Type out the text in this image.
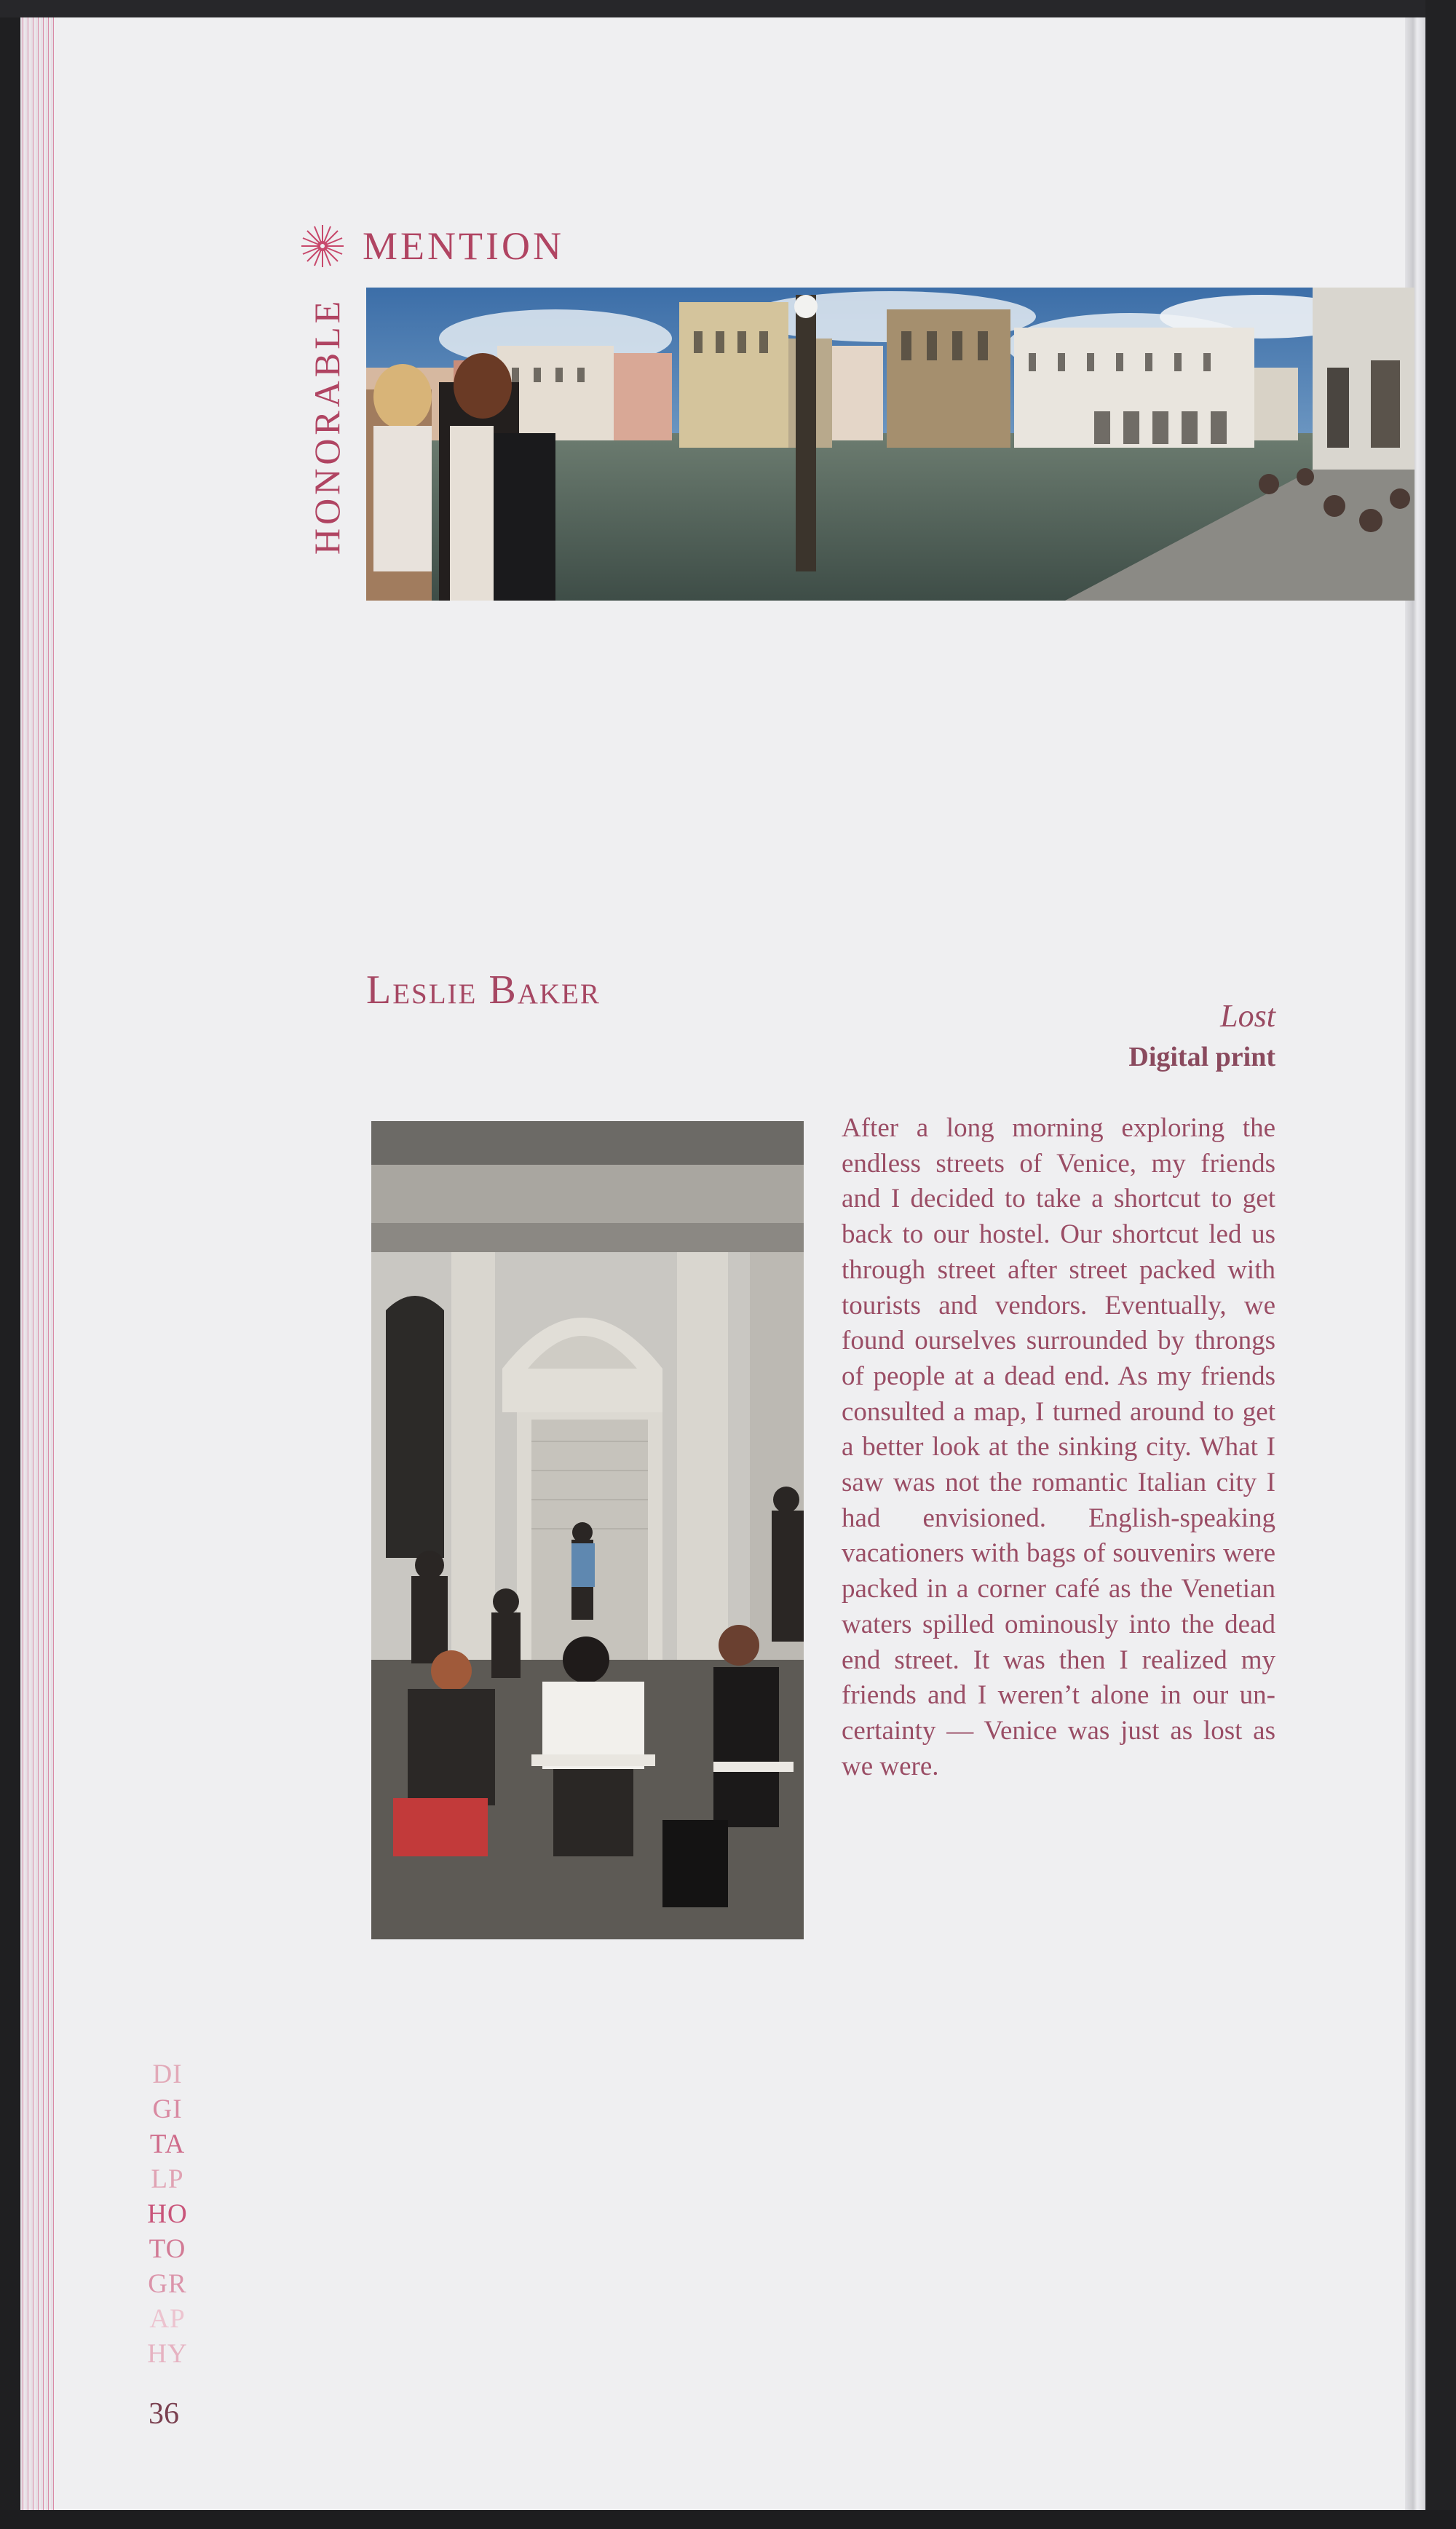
MENTION
HONORABLE
Leslie Baker
Lost
Digital print
After a long morning exploring the endless streets of Venice, my friends and I decided to take a shortcut to get back to our hostel. Our shortcut led us through street after street packed with tourists and vendors. Eventually, we found ourselves surrounded by throngs of people at a dead end. As my friends consulted a map, I turned around to get a better look at the sinking city. What I saw was not the romantic Italian city I had envisioned. English-speaking vacationers with bags of souvenirs were packed in a corner café as the Venetian waters spilled ominously into the dead end street. It was then I realized my friends and I weren’t alone in our uncertainty — Venice was just as lost as we were.
DI
GI
TA
LP
HO
TO
GR
AP
HY
36
